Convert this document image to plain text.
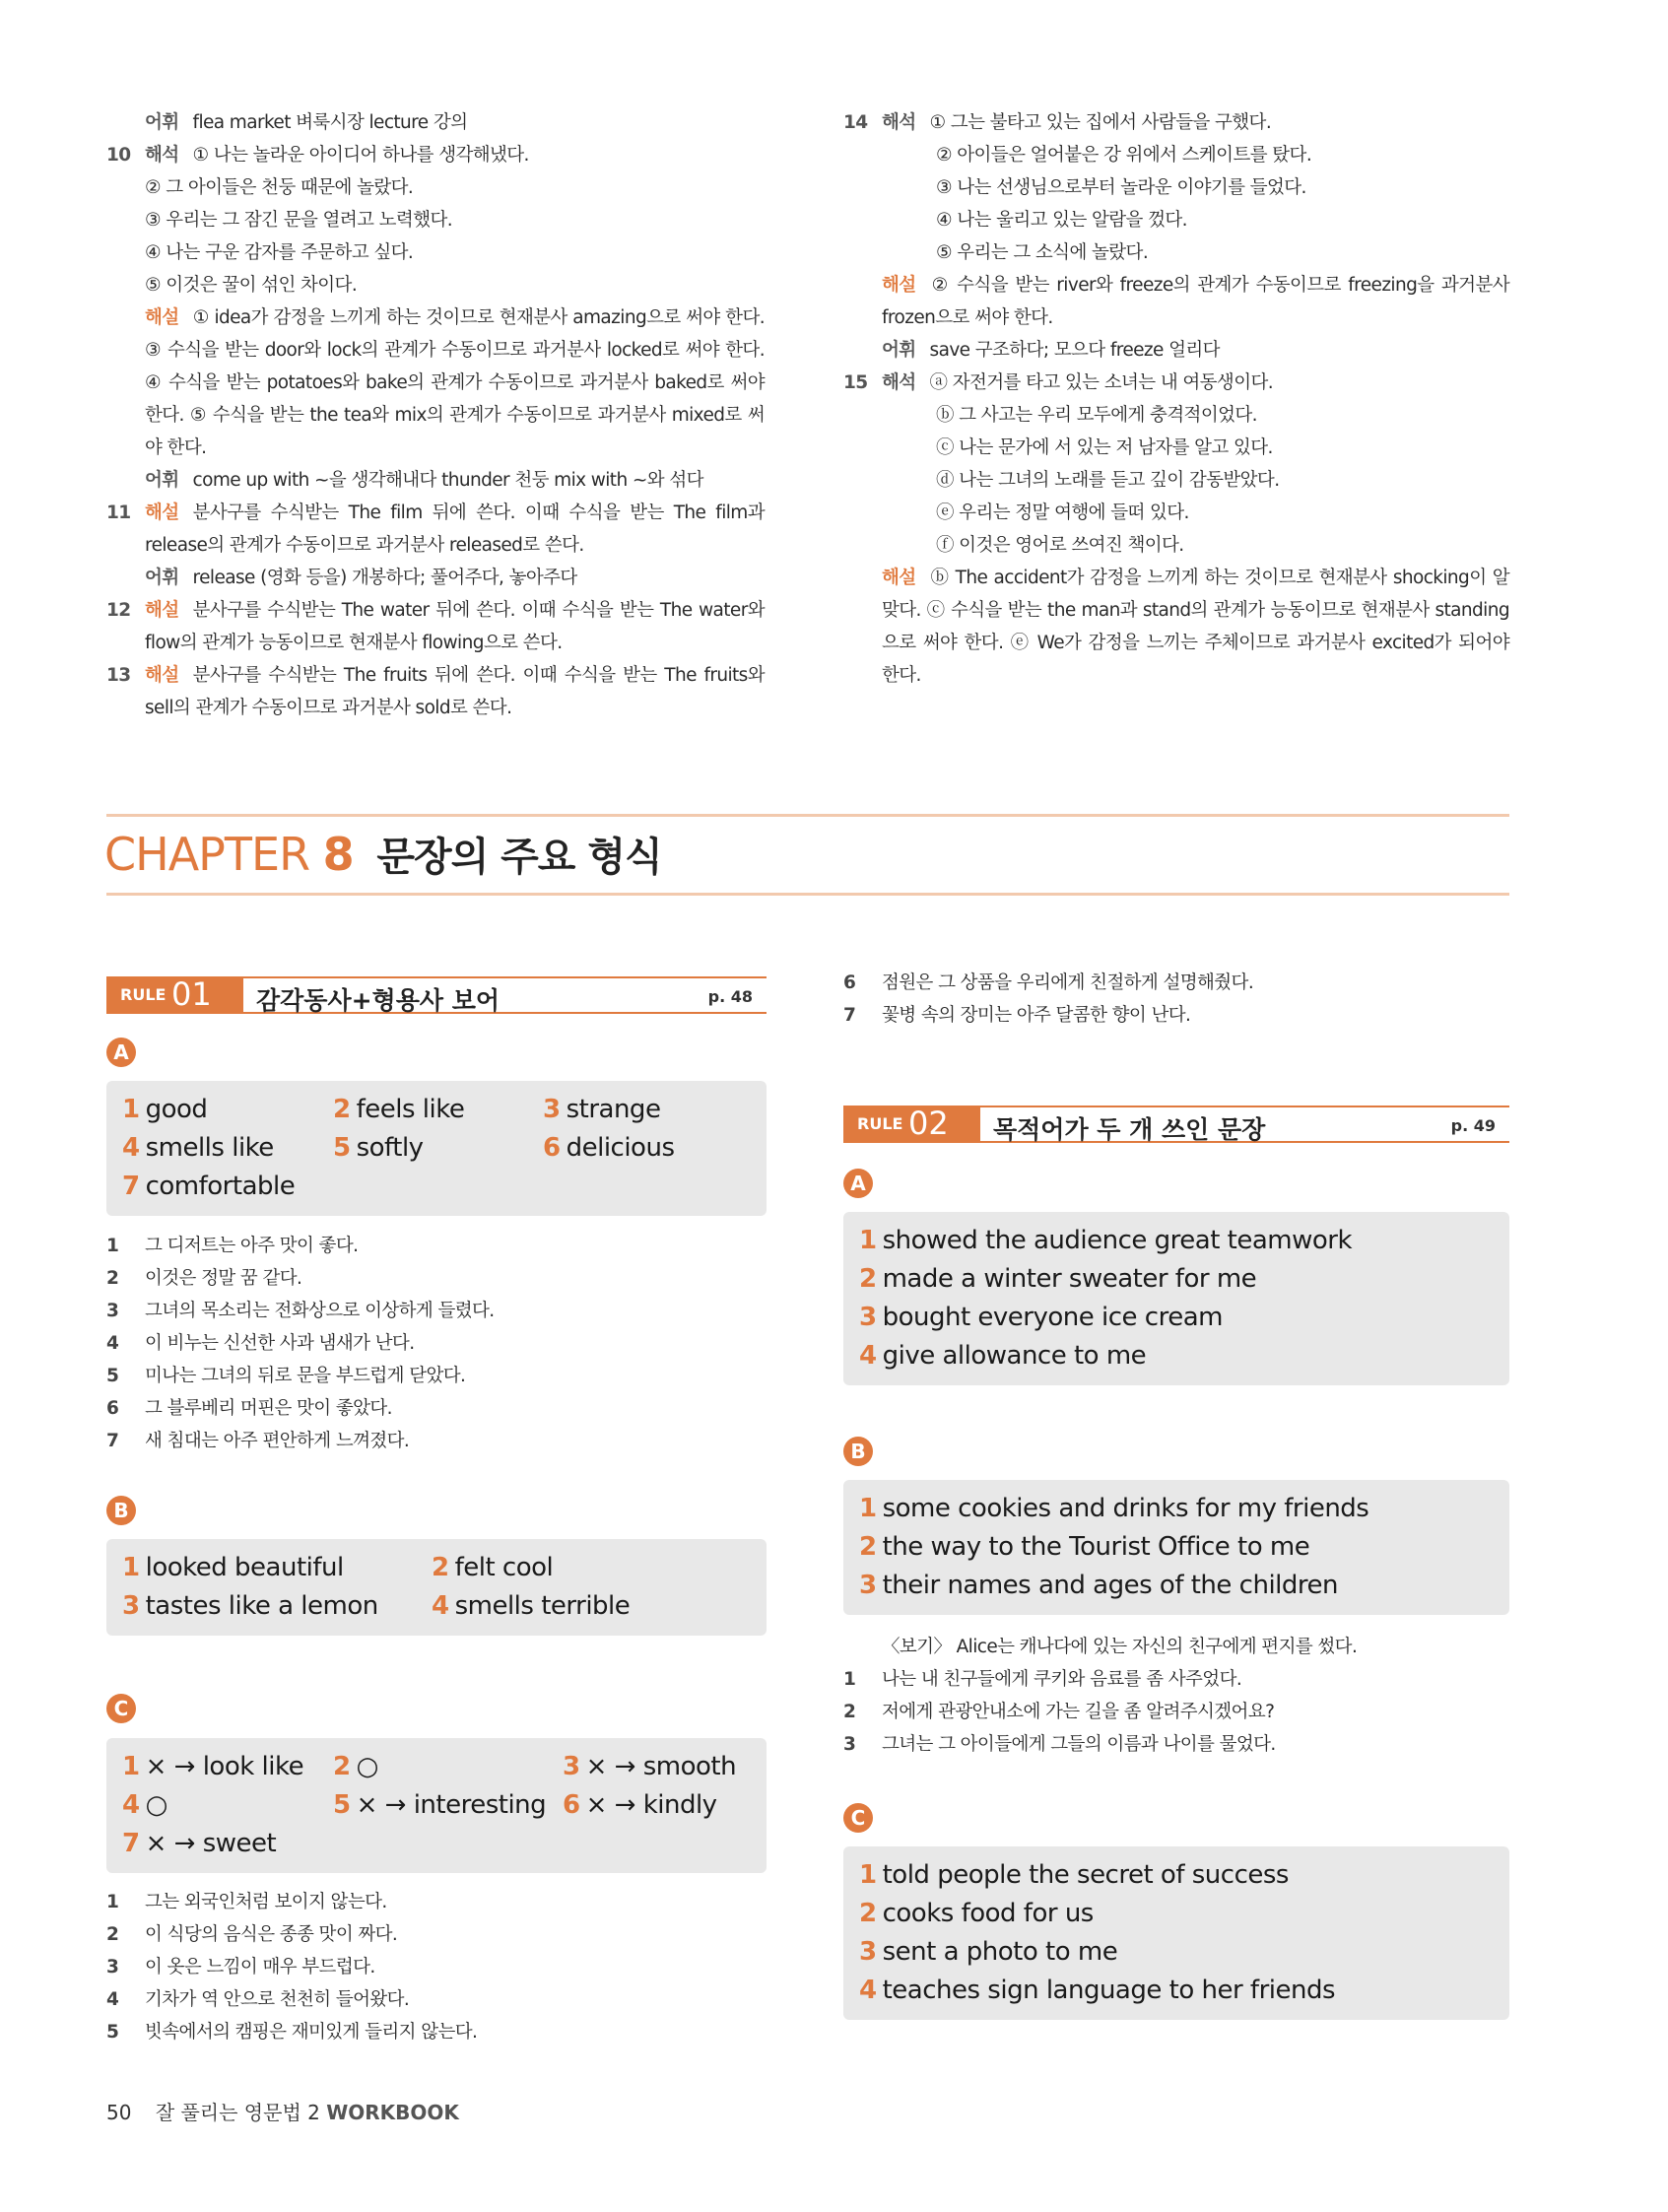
어휘 flea market 벼룩시장 lecture 강의
10 해석 ① 나는 놀라운 아이디어 하나를 생각해냈다.
② 그 아이들은 천둥 때문에 놀랐다.
③ 우리는 그 잠긴 문을 열려고 노력했다.
④ 나는 구운 감자를 주문하고 싶다.
⑤ 이것은 꿀이 섞인 차이다.
해설 ① idea가 감정을 느끼게 하는 것이므로 현재분사 amazing으로 써야 한다. ③ 수식을 받는 door와 lock의 관계가 수동이므로 과거분사 locked로 써야 한다. ④ 수식을 받는 potatoes와 bake의 관계가 수동이므로 과거분사 baked로 써야 한다. ⑤ 수식을 받는 the tea와 mix의 관계가 수동이므로 과거분사 mixed로 써야 한다.
어휘 come up with ~을 생각해내다 thunder 천둥 mix with ~와 섞다
11 해설 분사구를 수식받는 The film 뒤에 쓴다. 이때 수식을 받는 The film과 release의 관계가 수동이므로 과거분사 released로 쓴다.
어휘 release (영화 등을) 개봉하다; 풀어주다, 놓아주다
12 해설 분사구를 수식받는 The water 뒤에 쓴다. 이때 수식을 받는 The water와 flow의 관계가 능동이므로 현재분사 flowing으로 쓴다.
13 해설 분사구를 수식받는 The fruits 뒤에 쓴다. 이때 수식을 받는 The fruits와 sell의 관계가 수동이므로 과거분사 sold로 쓴다.
14 해석 ① 그는 불타고 있는 집에서 사람들을 구했다.
② 아이들은 얼어붙은 강 위에서 스케이트를 탔다.
③ 나는 선생님으로부터 놀라운 이야기를 들었다.
④ 나는 울리고 있는 알람을 껐다.
⑤ 우리는 그 소식에 놀랐다.
해설 ② 수식을 받는 river와 freeze의 관계가 수동이므로 freezing을 과거분사 frozen으로 써야 한다.
어휘 save 구조하다; 모으다 freeze 얼리다
15 해석 ⓐ 자전거를 타고 있는 소녀는 내 여동생이다.
ⓑ 그 사고는 우리 모두에게 충격적이었다.
ⓒ 나는 문가에 서 있는 저 남자를 알고 있다.
ⓓ 나는 그녀의 노래를 듣고 깊이 감동받았다.
ⓔ 우리는 정말 여행에 들떠 있다.
ⓕ 이것은 영어로 쓰여진 책이다.
해설 ⓑ The accident가 감정을 느끼게 하는 것이므로 현재분사 shocking이 알맞다. ⓒ 수식을 받는 the man과 stand의 관계가 능동이므로 현재분사 standing으로 써야 한다. ⓔ We가 감정을 느끼는 주체이므로 과거분사 excited가 되어야 한다.
CHAPTER 8 문장의 주요 형식
RULE 01 감각동사+형용사 보어	p. 48
A
1 good	2 feels like	3 strange
4 smells like 5 softly	6 delicious
7 comfortable
1 그 디저트는 아주 맛이 좋다.
2 이것은 정말 꿈 같다.
3 그녀의 목소리는 전화상으로 이상하게 들렸다.
4 이 비누는 신선한 사과 냄새가 난다.
5 미나는 그녀의 뒤로 문을 부드럽게 닫았다.
6 그 블루베리 머핀은 맛이 좋았다.
7 새 침대는 아주 편안하게 느껴졌다.
B
1 looked beautiful	2 felt cool
3 tastes like a lemon 4 smells terrible
C
1 × → look like 2 ○	3 × → smooth
4 ○	5 × → interesting 6 × → kindly
7 × → sweet
1 그는 외국인처럼 보이지 않는다.
2 이 식당의 음식은 종종 맛이 짜다.
3 이 옷은 느낌이 매우 부드럽다.
4 기차가 역 안으로 천천히 들어왔다.
5 빗속에서의 캠핑은 재미있게 들리지 않는다.
6 점원은 그 상품을 우리에게 친절하게 설명해줬다.
7 꽃병 속의 장미는 아주 달콤한 향이 난다.
RULE 02 목적어가 두 개 쓰인 문장	p. 49
A
1 showed the audience great teamwork
2 made a winter sweater for me
3 bought everyone ice cream
4 give allowance to me
B
1 some cookies and drinks for my friends
2 the way to the Tourist Office to me
3 their names and ages of the children
〈보기〉 Alice는 캐나다에 있는 자신의 친구에게 편지를 썼다.
1 나는 내 친구들에게 쿠키와 음료를 좀 사주었다.
2 저에게 관광안내소에 가는 길을 좀 알려주시겠어요?
3 그녀는 그 아이들에게 그들의 이름과 나이를 물었다.
C
1 told people the secret of success
2 cooks food for us
3 sent a photo to me
4 teaches sign language to her friends
50 잘 풀리는 영문법 2 WORKBOOK
